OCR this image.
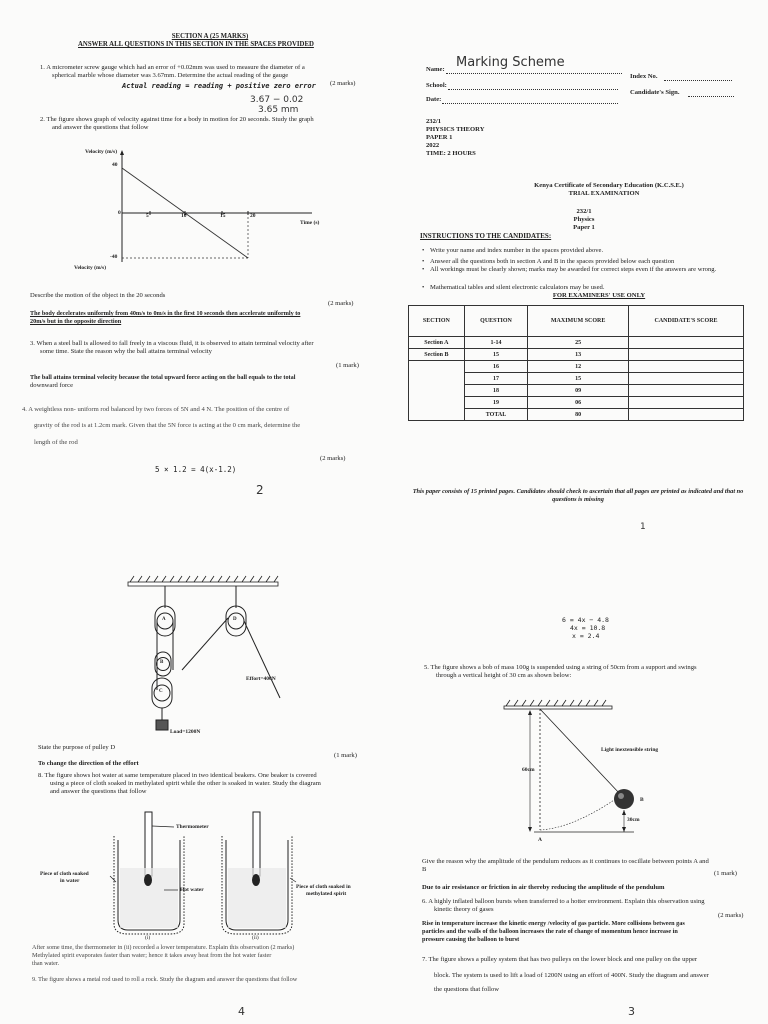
SECTION A (25 MARKS)
ANSWER ALL QUESTIONS IN THIS SECTION IN THE SPACES PROVIDED
1. A micrometer screw gauge which had an error of +0.02mm was used to measure the diameter of a
spherical marble whose diameter was 3.67mm. Determine the actual reading of the gauge
(2 marks)
Actual reading = reading + positive zero error
3.67 − 0.02
3.65 mm
2. The figure shows graph of velocity against time for a body in motion for 20 seconds. Study the graph
and answer the questions that follow
Velocity (m/s)
40
0
-40
Velocity (m/s)
Time (s)
5	10	15	20
Describe the motion of the object in the 20 seconds
(2 marks)
The body decelerates uniformly from 40m/s to 0m/s in the first 10 seconds then accelerate uniformly to
20m/s but in the opposite direction
3. When a steel ball is allowed to fall freely in a viscous fluid, it is observed to attain terminal velocity after
some time. State the reason why the ball attains terminal velocity
(1 mark)
The ball attains terminal velocity because the total upward force acting on the ball equals to the total
downward force
4. A weightless non- uniform rod balanced by two forces of 5N and 4 N. The position of the centre of
gravity of the rod is at 1.2cm mark. Given that the 5N force is acting at the 0 cm mark, determine the
length of the rod
(2 marks)
5 × 1.2 = 4(x-1.2)
2
Name: Marking Scheme
Index No.
School:
Candidate's Sign.
Date:
232/1
PHYSICS THEORY
PAPER 1
2022
TIME: 2 HOURS
Kenya Certificate of Secondary Education (K.C.S.E.)
TRIAL EXAMINATION
232/1
Physics
Paper 1
INSTRUCTIONS TO THE CANDIDATES:
• Write your name and index number in the spaces provided above.
• Answer all the questions both in section A and B in the spaces provided below each question
• All workings must be clearly shown; marks may be awarded for correct steps even if the answers are wrong.
• Mathematical tables and silent electronic calculators may be used.
FOR EXAMINERS' USE ONLY
SECTION	QUESTION	MAXIMUM SCORE	CANDIDATE'S SCORE
Section A	1-14	25	
Section B	15	13	
	16	12	
	17	15	
	18	09	
	19	06	
	TOTAL	80	
This paper consists of 15 printed pages. Candidates should check to ascertain that all pages are printed as indicated and that no questions is missing
1
A
B
C
D
Effort=400N
Load=1200N
State the purpose of pulley D
(1 mark)
To change the direction of the effort
8. The figure shows hot water at same temperature placed in two identical beakers. One beaker is covered
using a piece of cloth soaked in methylated spirit while the other is soaked in water. Study the diagram
and answer the questions that follow
Thermometer
Piece of cloth soaked
in water
Hot water	Piece of cloth soaked in
methylated spirit
(i)	(ii)
After some time, the thermometer in (ii) recorded a lower temperature. Explain this observation (2 marks)
Methylated spirit evaporates faster than water; hence it takes away heat from the hot water faster
than water.
9. The figure shows a metal rod used to roll a rock. Study the diagram and answer the questions that follow
4
6 = 4x − 4.8
4x = 10.8
x = 2.4
5. The figure shows a bob of mass 100g is suspended using a string of 50cm from a support and swings
through a vertical height of 30 cm as shown below:
Light inextensible string
60cm
30cm
A
B
Give the reason why the amplitude of the pendulum reduces as it continues to oscillate between points A and
B
(1 mark)
Due to air resistance or friction in air thereby reducing the amplitude of the pendulum
6. A highly inflated balloon bursts when transferred to a hotter environment. Explain this observation using
kinetic theory of gases
(2 marks)
Rise in temperature increase the kinetic energy /velocity of gas particle. More collisions between gas
particles and the walls of the balloon increases the rate of change of momentum hence increase in
pressure causing the balloon to burst
7. The figure shows a pulley system that has two pulleys on the lower block and one pulley on the upper
block. The system is used to lift a load of 1200N using an effort of 400N. Study the diagram and answer
the questions that follow
3
